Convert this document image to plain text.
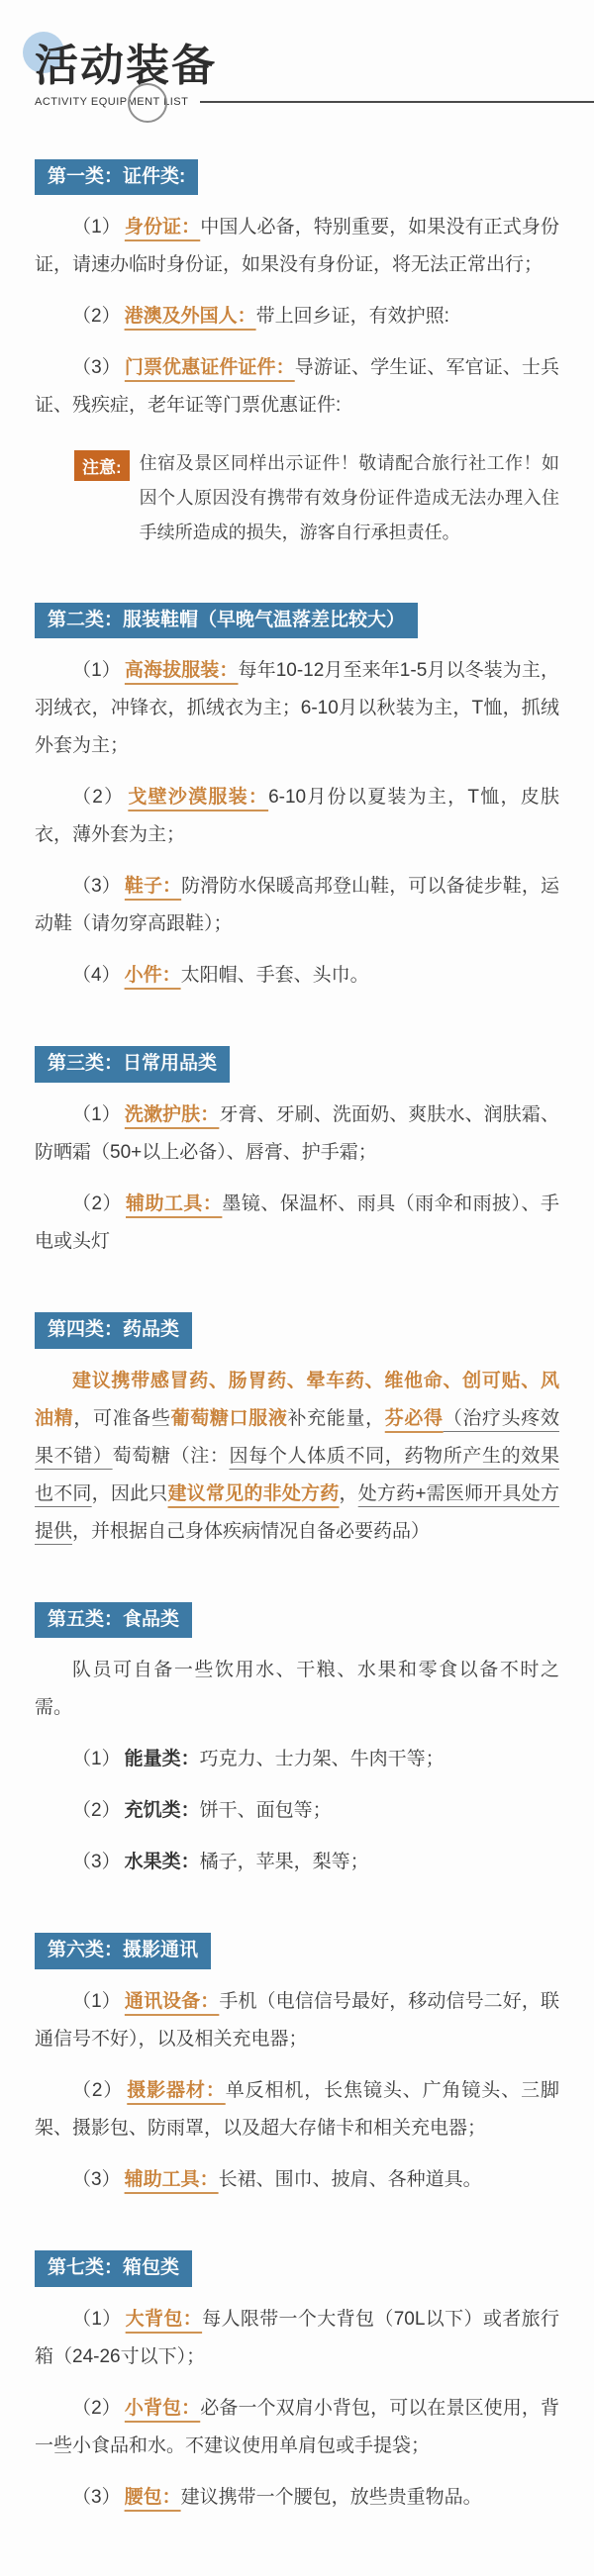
活动装备
ACTIVITY EQUIPMENT LIST
第一类：证件类:

（1） 身份证：中国人必备，特别重要，如果没有正式身份证，请速办临时身份证，如果没有身份证，将无法正常出行；

（2） 港澳及外国人：带上回乡证，有效护照:

（3） 门票优惠证件证件：导游证、学生证、军官证、士兵证、残疾症，老年证等门票优惠证件:

注意:	住宿及景区同样出示证件！敬请配合旅行社工作！如因个人原因没有携带有效身份证件造成无法办理入住手续所造成的损失，游客自行承担责任。
第二类：服装鞋帽（早晚气温落差比较大）

（1） 高海拔服装：每年10-12月至来年1-5月以冬装为主，羽绒衣，冲锋衣，抓绒衣为主；6-10月以秋装为主，T恤，抓绒外套为主；

（2） 戈壁沙漠服装：6-10月份以夏装为主，T恤，皮肤衣，薄外套为主；

（3） 鞋子：防滑防水保暖高邦登山鞋，可以备徒步鞋，运动鞋（请勿穿高跟鞋）；

（4） 小件：太阳帽、手套、头巾。

第三类：日常用品类

（1） 洗漱护肤：牙膏、牙刷、洗面奶、爽肤水、润肤霜、防晒霜（50+以上必备）、唇膏、护手霜；

（2） 辅助工具：墨镜、保温杯、雨具（雨伞和雨披）、手电或头灯

第四类：药品类

建议携带感冒药、肠胃药、晕车药、维他命、创可贴、风油精，可准备些葡萄糖口服液补充能量，芬必得（治疗头疼效果不错）萄萄糖（注：因每个人体质不同，药物所产生的效果也不同，因此只建议常见的非处方药，处方药+需医师开具处方提供，并根据自己身体疾病情况自备必要药品）

第五类：食品类

队员可自备一些饮用水、干粮、水果和零食以备不时之需。

（1） 能量类：巧克力、士力架、牛肉干等；

（2） 充饥类：饼干、面包等；

（3） 水果类：橘子，苹果，梨等；

第六类：摄影通讯

（1） 通讯设备：手机（电信信号最好，移动信号二好，联通信号不好），以及相关充电器；

（2） 摄影器材：单反相机，长焦镜头、广角镜头、三脚架、摄影包、防雨罩，以及超大存储卡和相关充电器；

（3） 辅助工具：长裙、围巾、披肩、各种道具。

第七类：箱包类

（1） 大背包：每人限带一个大背包（70L以下）或者旅行箱（24-26寸以下）；

（2） 小背包：必备一个双肩小背包，可以在景区使用，背一些小食品和水。不建议使用单肩包或手提袋；

（3） 腰包：建议携带一个腰包，放些贵重物品。
